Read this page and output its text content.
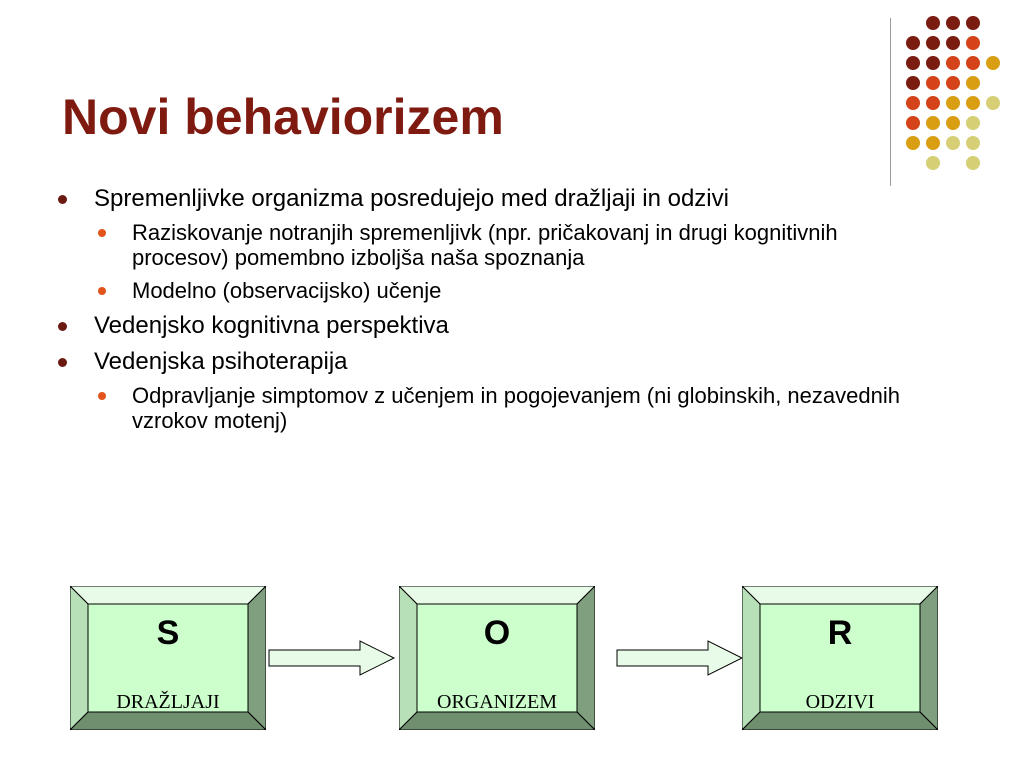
Novi behaviorizem
Spremenljivke organizma posredujejo med dražljaji in odzivi
Raziskovanje notranjih spremenljivk (npr. pričakovanj in drugi kognitivnih procesov) pomembno izboljša naša spoznanja
Modelno (observacijsko) učenje
Vedenjsko kognitivna perspektiva
Vedenjska psihoterapija
Odpravljanje simptomov z učenjem in pogojevanjem (ni globinskih, nezavednih vzrokov motenj)
S
DRAŽLJAJI
O
ORGANIZEM
R
ODZIVI
